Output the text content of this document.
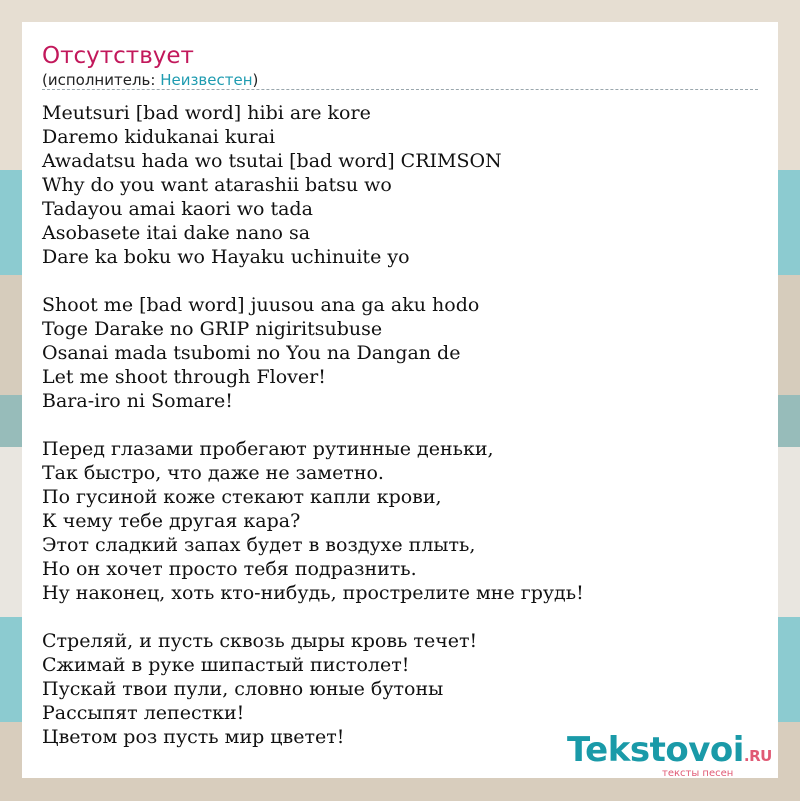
Отсутствует
(исполнитель: Неизвестен)
Meutsuri [bad word] hibi are kore
Daremo kidukanai kurai
Awadatsu hada wo tsutai [bad word] CRIMSON
Why do you want atarashii batsu wo
Tadayou amai kaori wo tada
Asobasete itai dake nano sa
Dare ka boku wo Hayaku uchinuite yo
Shoot me [bad word] juusou ana ga aku hodo
Toge Darake no GRIP nigiritsubuse
Osanai mada tsubomi no You na Dangan de
Let me shoot through Flover!
Bara-iro ni Somare!
Перед глазами пробегают рутинные деньки,
Так быстро, что даже не заметно.
По гусиной коже стекают капли крови,
К чему тебе другая кара?
Этот сладкий запах будет в воздухе плыть,
Но он хочет просто тебя подразнить.
Ну наконец, хоть кто-нибудь, прострелите мне грудь!
Стреляй, и пусть сквозь дыры кровь течет!
Сжимай в руке шипастый пистолет!
Пускай твои пули, словно юные бутоны
Рассыпят лепестки!
Цветом роз пусть мир цветет!	Tekstovoi.RU
тексты песен
